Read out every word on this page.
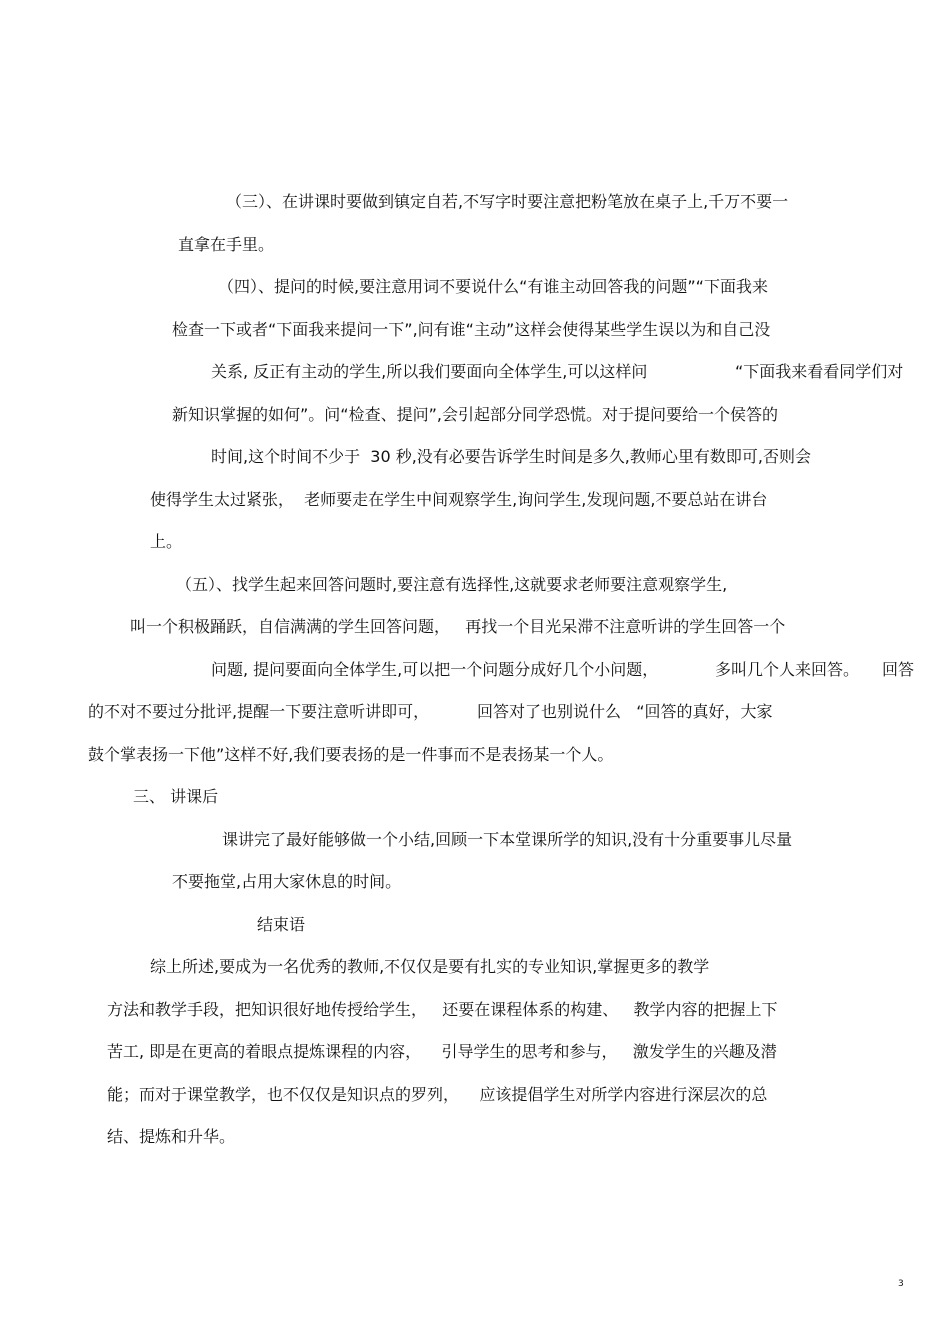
（三）、在讲课时要做到镇定自若,不写字时要注意把粉笔放在桌子上,千万不要一
直拿在手里。
（四）、提问的时候,要注意用词不要说什么“有谁主动回答我的问题”“下面我来
检查一下或者“下面我来提问一下”,问有谁“主动”这样会使得某些学生误以为和自己没
关系, 反正有主动的学生,所以我们要面向全体学生,可以这样问	“下面我来看看同学们对
新知识掌握的如何”。问“检查、提问”,会引起部分同学恐慌。对于提问要给一个侯答的
时间,这个时间不少于  30 秒,没有必要告诉学生时间是多久,教师心里有数即可,否则会
使得学生太过紧张，  老师要走在学生中间观察学生,询问学生,发现问题,不要总站在讲台
上。
（五）、找学生起来回答问题时,要注意有选择性,这就要求老师要注意观察学生,
叫一个积极踊跃，自信满满的学生回答问题，   再找一个目光呆滞不注意听讲的学生回答一个
问题, 提问要面向全体学生,可以把一个问题分成好几个小问题，	多叫几个人来回答。 回答
的不对不要过分批评,提醒一下要注意听讲即可，	回答对了也别说什么   “回答的真好，大家
鼓个掌表扬一下他”这样不好,我们要表扬的是一件事而不是表扬某一个人。
三、 讲课后
课讲完了最好能够做一个小结,回顾一下本堂课所学的知识,没有十分重要事儿尽量
不要拖堂,占用大家休息的时间。
结束语
综上所述,要成为一名优秀的教师,不仅仅是要有扎实的专业知识,掌握更多的教学
方法和教学手段，把知识很好地传授给学生，   还要在课程体系的构建、   教学内容的把握上下
苦工, 即是在更高的着眼点提炼课程的内容，    引导学生的思考和参与，   激发学生的兴趣及潜
能；而对于课堂教学，也不仅仅是知识点的罗列，    应该提倡学生对所学内容进行深层次的总
结、提炼和升华。
3
